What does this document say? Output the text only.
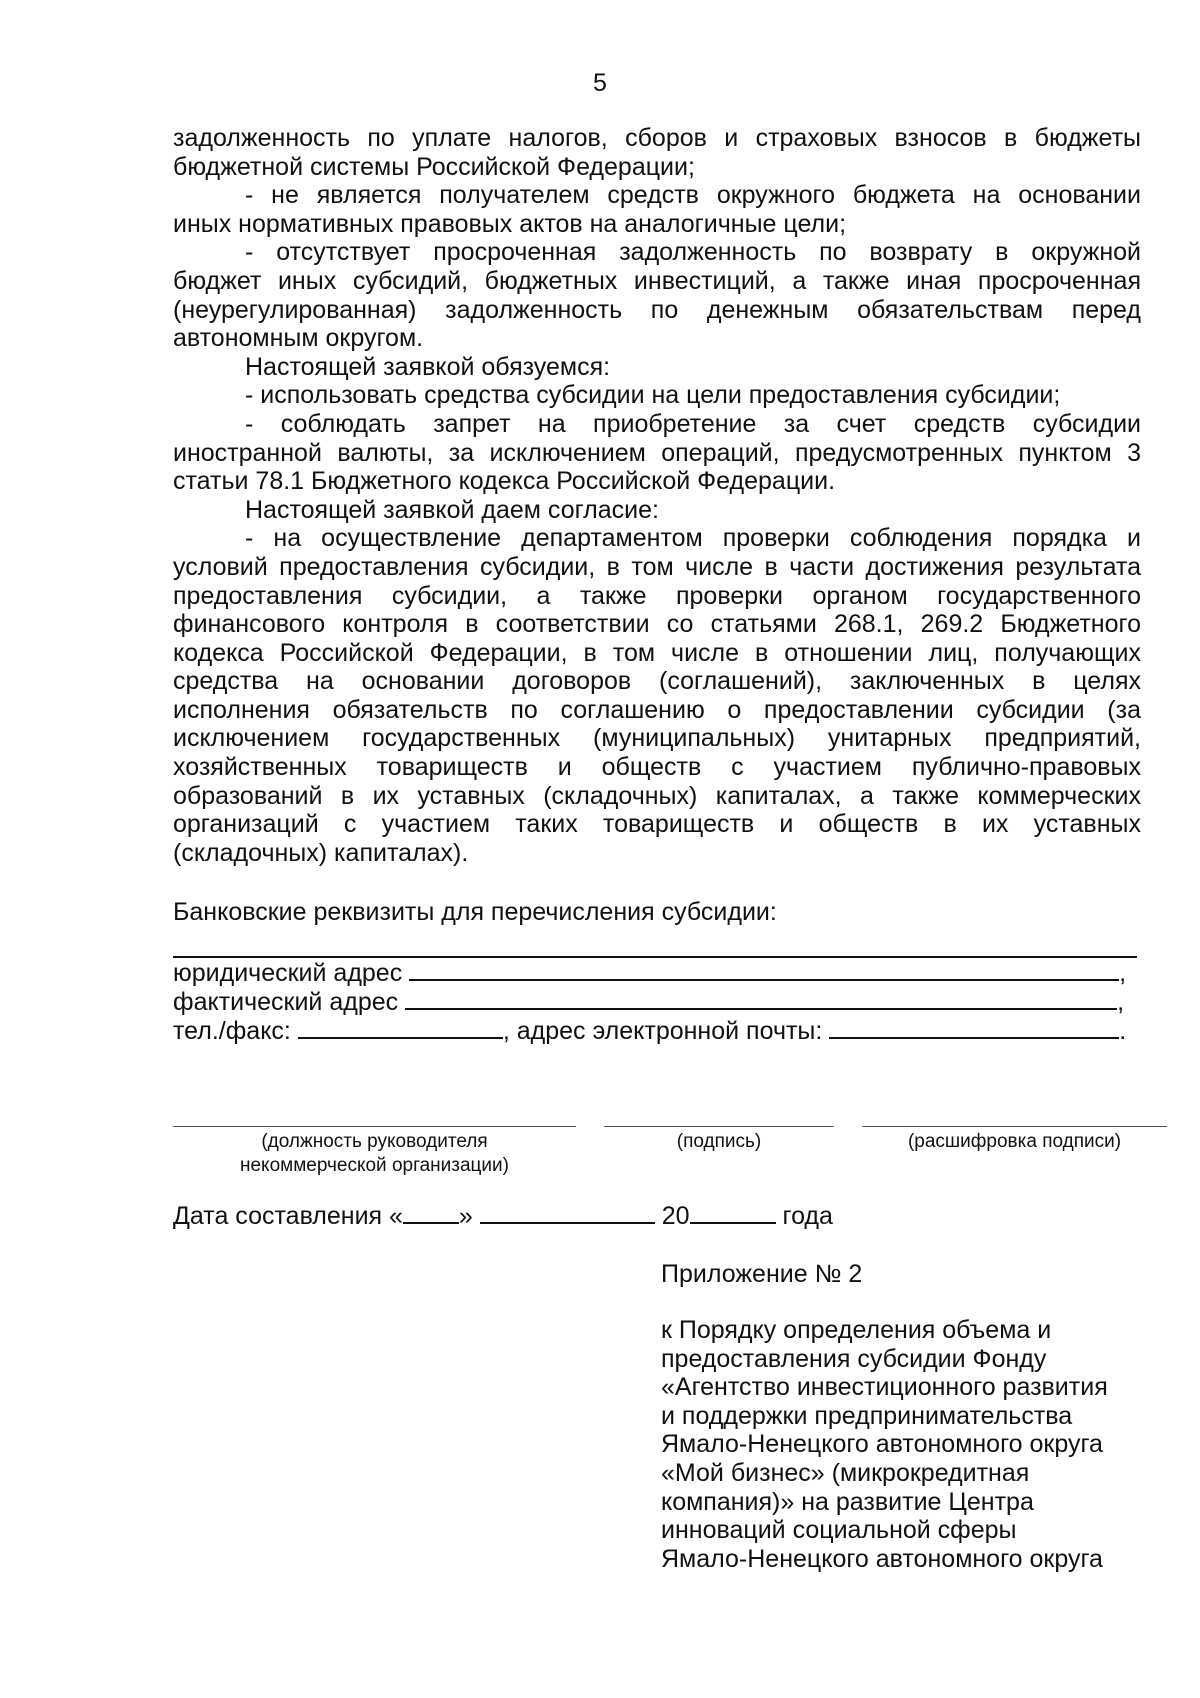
5
задолженность по уплате налогов, сборов и страховых взносов в бюджеты
бюджетной системы Российской Федерации;
- не является получателем средств окружного бюджета на основании
иных нормативных правовых актов на аналогичные цели;
- отсутствует просроченная задолженность по возврату в окружной
бюджет иных субсидий, бюджетных инвестиций, а также иная просроченная
(неурегулированная) задолженность по денежным обязательствам перед
автономным округом.
Настоящей заявкой обязуемся:
- использовать средства субсидии на цели предоставления субсидии;
- соблюдать запрет на приобретение за счет средств субсидии
иностранной валюты, за исключением операций, предусмотренных пунктом 3
статьи 78.1 Бюджетного кодекса Российской Федерации.
Настоящей заявкой даем согласие:
- на осуществление департаментом проверки соблюдения порядка и
условий предоставления субсидии, в том числе в части достижения результата
предоставления субсидии, а также проверки органом государственного
финансового контроля в соответствии со статьями 268.1, 269.2 Бюджетного
кодекса Российской Федерации, в том числе в отношении лиц, получающих
средства на основании договоров (соглашений), заключенных в целях
исполнения обязательств по соглашению о предоставлении субсидии (за
исключением государственных (муниципальных) унитарных предприятий,
хозяйственных товариществ и обществ с участием публично-правовых
образований в их уставных (складочных) капиталах, а также коммерческих
организаций с участием таких товариществ и обществ в их уставных
(складочных) капиталах).
Банковские реквизиты для перечисления субсидии:
юридический адрес	,
фактический адрес	,
тел./факс:	, адрес электронной почты:	.
(должность руководителя
некоммерческой организации)
(подпись)	(расшифровка подписи)
Дата составления « »	20	года
Приложение № 2
к Порядку определения объема и
предоставления субсидии Фонду
«Агентство инвестиционного развития
и поддержки предпринимательства
Ямало-Ненецкого автономного округа
«Мой бизнес» (микрокредитная
компания)» на развитие Центра
инноваций социальной сферы
Ямало-Ненецкого автономного округа
